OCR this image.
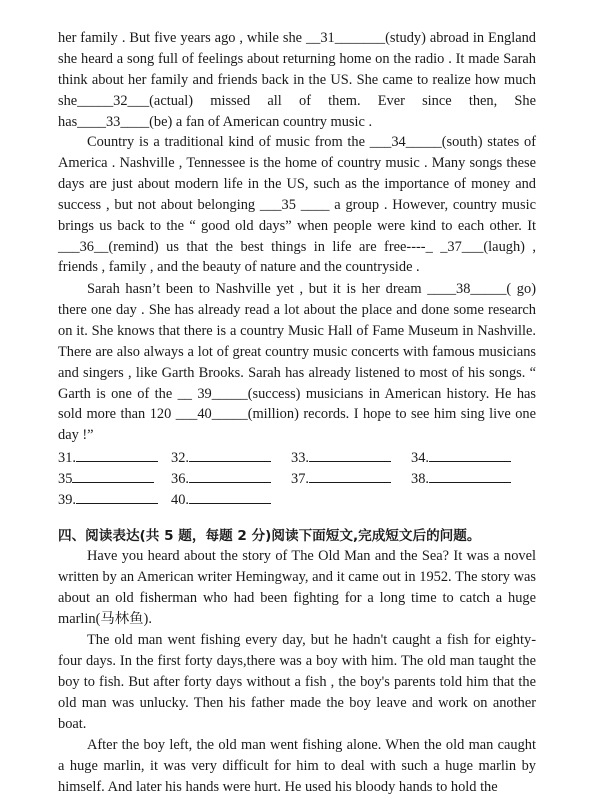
her family . But five years ago , while she __31_______(study) abroad in England she heard a song full of feelings about returning home on the radio . It made Sarah think about her family and friends back in the US. She came to realize how much she_____32___(actual) missed all of them. Ever since then, She has____33____(be) a fan of American country music .

Country is a traditional kind of music from the ___34_____(south) states of America . Nashville , Tennessee is the home of country music . Many songs these days are just about modern life in the US, such as the importance of money and success , but not about belonging ___35 ____ a group . However, country music brings us back to the “ good old days” when people were kind to each other. It ___36__(remind) us that the best things in life are free----_ _37___(laugh) , friends , family , and the beauty of nature and the countryside .

Sarah hasn’t been to Nashville yet , but it is her dream ____38_____( go) there one day . She has already read a lot about the place and done some research on it. She knows that there is a country Music Hall of Fame Museum in Nashville. There are also always a lot of great country music concerts with famous musicians and singers , like Garth Brooks. Sarah has already listened to most of his songs. “ Garth is one of the __ 39_____(success) musicians in American history. He has sold more than 120 ___40_____(million) records. I hope to see him sing live one day !”

31.	32.	33.	34.
35	36.	37.	38.
39.	40.
四、阅读表达(共 5 题，每题 2 分)阅读下面短文,完成短文后的问题。

Have you heard about the story of The Old Man and the Sea? It was a novel written by an American writer Hemingway, and it came out in 1952. The story was about an old fisherman who had been fighting for a long time to catch a huge marlin(马林鱼).

The old man went fishing every day, but he hadn't caught a fish for eighty-four days. In the first forty days,there was a boy with him. The old man taught the boy to fish. But after forty days without a fish , the boy's parents told him that the old man was unlucky. Then his father made the boy leave and work on another boat.

After the boy left, the old man went fishing alone. When the old man caught a huge marlin, it was very difficult for him to deal with such a huge marlin by himself. And later his hands were hurt. He used his bloody hands to hold the
